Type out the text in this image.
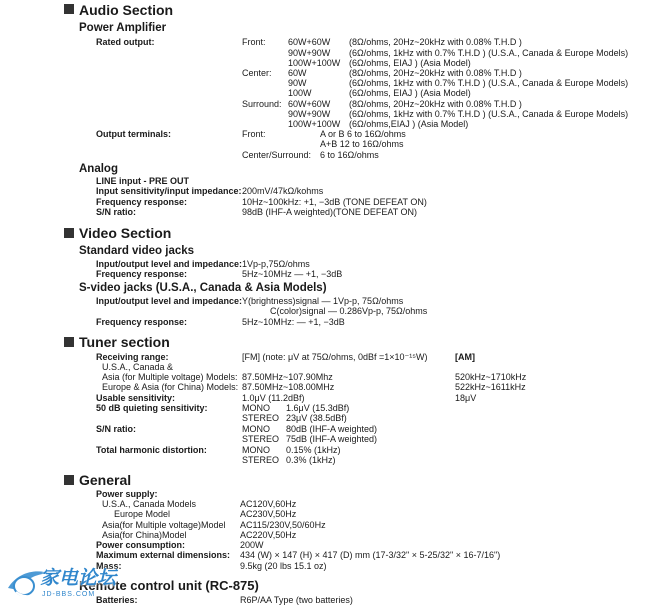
Audio Section
Power Amplifier
Rated output:	Front: 60W+60W (8Ω/ohms, 20Hz~20kHz with 0.08% T.H.D )
90W+90W (6Ω/ohms, 1kHz with 0.7% T.H.D ) (U.S.A., Canada & Europe Models)
100W+100W (6Ω/ohms, EIAJ ) (Asia Model)
Center: 60W	(8Ω/ohms, 20Hz~20kHz with 0.08% T.H.D )
90W	(6Ω/ohms, 1kHz with 0.7% T.H.D ) (U.S.A., Canada & Europe Models)
100W	(6Ω/ohms, EIAJ ) (Asia Model)
Surround: 60W+60W (8Ω/ohms, 20Hz~20kHz with 0.08% T.H.D )
90W+90W (6Ω/ohms, 1kHz with 0.7% T.H.D ) (U.S.A., Canada & Europe Models)
100W+100W (6Ω/ohms,EIAJ ) (Asia Model)
Output terminals:	Front:	A or B 6 to 16Ω/ohms
A+B 12 to 16Ω/ohms
Center/Surround: 6 to 16Ω/ohms
Analog
LINE input - PRE OUT
Input sensitivity/input impedance: 200mV/47kΩ/kohms
Frequency response:	10Hz~100kHz: +1, −3dB (TONE DEFEAT ON)
S/N ratio:	98dB (IHF-A weighted)(TONE DEFEAT ON)
Video Section
Standard video jacks
Input/output level and impedance: 1Vp-p,75Ω/ohms
Frequency response:	5Hz~10MHz — +1, −3dB
S-video jacks (U.S.A., Canada & Asia Models)
Input/output level and impedance: Y(brightness)signal — 1Vp-p, 75Ω/ohms
C(color)signal — 0.286Vp-p, 75Ω/ohms
Frequency response:	5Hz~10MHz: — +1, −3dB
Tuner section
Receiving range:	[FM] (note: μV at 75Ω/ohms, 0dBf =1×10⁻¹⁵W)	[AM]
U.S.A., Canada &
Asia (for Multiple voltage) Models: 87.50MHz~107.90Mhz	520kHz~1710kHz
Europe & Asia (for China) Models: 87.50MHz~108.00MHz	522kHz~1611kHz
Usable sensitivity:	1.0μV (11.2dBf)	18μV
50 dB quieting sensitivity:	MONO 1.6μV (15.3dBf)
STEREO 23μV (38.5dBf)
S/N ratio:	MONO 80dB (IHF-A weighted)
STEREO 75dB (IHF-A weighted)
Total harmonic distortion:	MONO 0.15% (1kHz)
STEREO 0.3% (1kHz)
General
Power supply:
U.S.A., Canada Models	AC120V,60Hz
Europe Model	AC230V,50Hz
Asia(for Multiple voltage)Model AC115/230V,50/60Hz
Asia(for China)Model	AC220V,50Hz
Power consumption:	200W
Maximum external dimensions: 434 (W) × 147 (H) × 417 (D) mm (17-3/32" × 5-25/32" × 16-7/16")
Mass:	9.5kg (20 lbs 15.1 oz)
Remote control unit (RC-875)
Batteries:	R6P/AA Type (two batteries)
家电论坛
JD-BBS.COM
